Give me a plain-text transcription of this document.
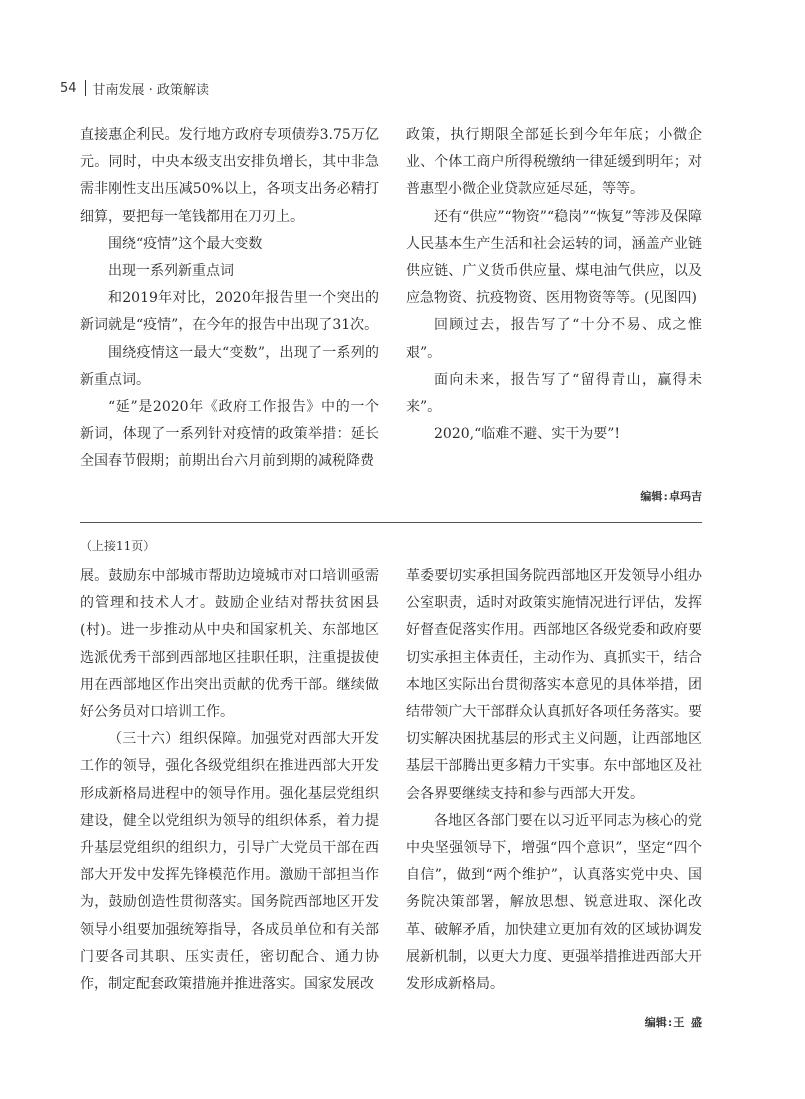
54 甘南发展 · 政策解读

直接惠企利民。发行地方政府专项债券3.75万亿元。同时，中央本级支出安排负增长，其中非急需非刚性支出压减50%以上，各项支出务必精打细算，要把每一笔钱都用在刀刃上。

围绕“疫情”这个最大变数

出现一系列新重点词

和2019年对比，2020年报告里一个突出的新词就是“疫情”，在今年的报告中出现了31次。

围绕疫情这一最大“变数”，出现了一系列的新重点词。

“延”是2020年《政府工作报告》中的一个新词，体现了一系列针对疫情的政策举措：延长全国春节假期；前期出台六月前到期的减税降费

政策，执行期限全部延长到今年年底；小微企业、个体工商户所得税缴纳一律延缓到明年；对普惠型小微企业贷款应延尽延，等等。

还有“供应”“物资”“稳岗”“恢复”等涉及保障人民基本生产生活和社会运转的词，涵盖产业链供应链、广义货币供应量、煤电油气供应，以及应急物资、抗疫物资、医用物资等等。(见图四)

回顾过去，报告写了“十分不易、成之惟艰”。

面向未来，报告写了“留得青山，赢得未来”。

2020,“临难不避、实干为要”!

编辑:卓玛吉
（上接11页）

展。鼓励东中部城市帮助边境城市对口培训亟需的管理和技术人才。鼓励企业结对帮扶贫困县(村)。进一步推动从中央和国家机关、东部地区选派优秀干部到西部地区挂职任职，注重提拔使用在西部地区作出突出贡献的优秀干部。继续做好公务员对口培训工作。

（三十六）组织保障。加强党对西部大开发工作的领导，强化各级党组织在推进西部大开发形成新格局进程中的领导作用。强化基层党组织建设，健全以党组织为领导的组织体系，着力提升基层党组织的组织力，引导广大党员干部在西部大开发中发挥先锋模范作用。激励干部担当作为，鼓励创造性贯彻落实。国务院西部地区开发领导小组要加强统筹指导，各成员单位和有关部门要各司其职、压实责任，密切配合、通力协作，制定配套政策措施并推进落实。国家发展改

革委要切实承担国务院西部地区开发领导小组办公室职责，适时对政策实施情况进行评估，发挥好督查促落实作用。西部地区各级党委和政府要切实承担主体责任，主动作为、真抓实干，结合本地区实际出台贯彻落实本意见的具体举措，团结带领广大干部群众认真抓好各项任务落实。要切实解决困扰基层的形式主义问题，让西部地区基层干部腾出更多精力干实事。东中部地区及社会各界要继续支持和参与西部大开发。

各地区各部门要在以习近平同志为核心的党中央坚强领导下，增强“四个意识”，坚定“四个自信”，做到“两个维护”，认真落实党中央、国务院决策部署，解放思想、锐意进取、深化改革、破解矛盾，加快建立更加有效的区域协调发展新机制，以更大力度、更强举措推进西部大开发形成新格局。

编辑:王 盛
